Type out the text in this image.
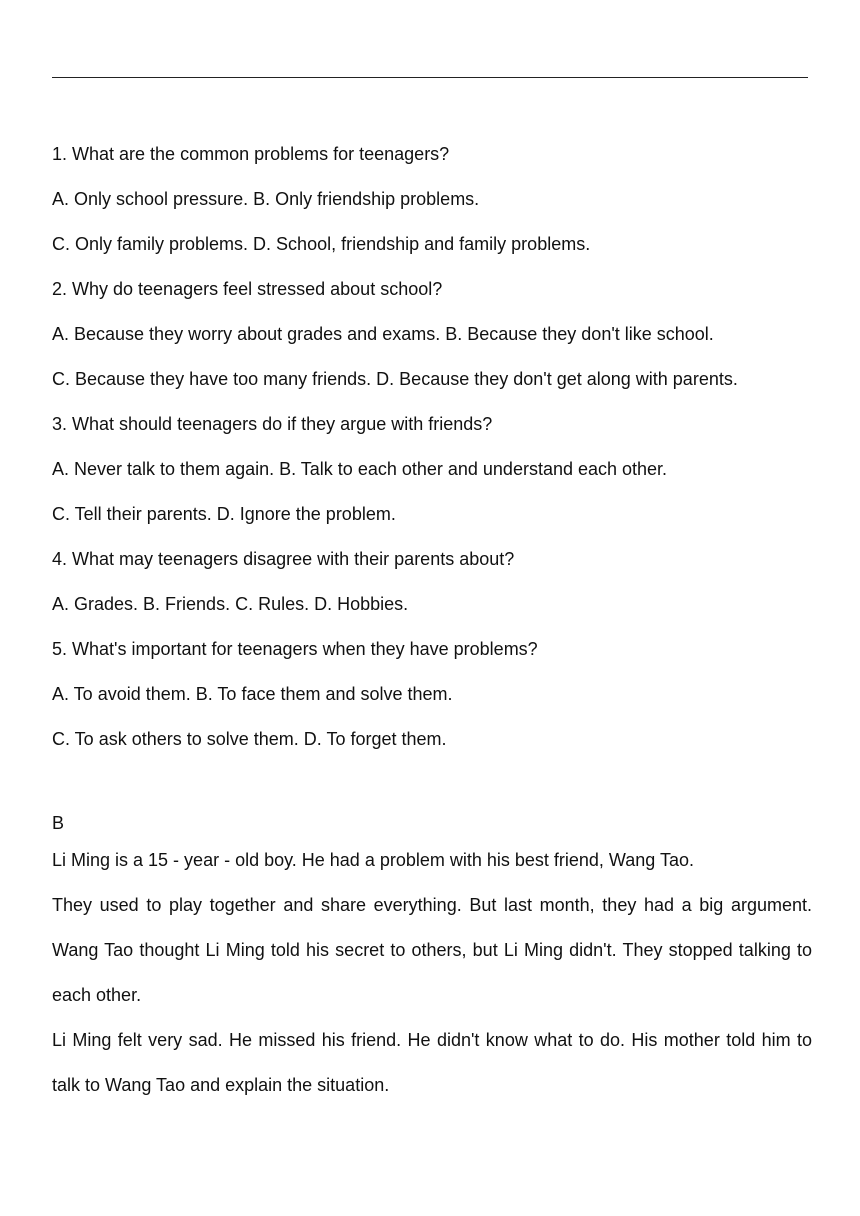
1. What are the common problems for teenagers?
A. Only school pressure. B. Only friendship problems.
C. Only family problems. D. School, friendship and family problems.
2. Why do teenagers feel stressed about school?
A. Because they worry about grades and exams. B. Because they don't like school.
C. Because they have too many friends. D. Because they don't get along with parents.
3. What should teenagers do if they argue with friends?
A. Never talk to them again. B. Talk to each other and understand each other.
C. Tell their parents. D. Ignore the problem.
4. What may teenagers disagree with their parents about?
A. Grades. B. Friends. C. Rules. D. Hobbies.
5. What's important for teenagers when they have problems?
A. To avoid them. B. To face them and solve them.
C. To ask others to solve them. D. To forget them.
B

Li Ming is a 15 - year - old boy. He had a problem with his best friend, Wang Tao.

They used to play together and share everything. But last month, they had a big argument. Wang Tao thought Li Ming told his secret to others, but Li Ming didn't. They stopped talking to each other.

Li Ming felt very sad. He missed his friend. He didn't know what to do. His mother told him to talk to Wang Tao and explain the situation.
